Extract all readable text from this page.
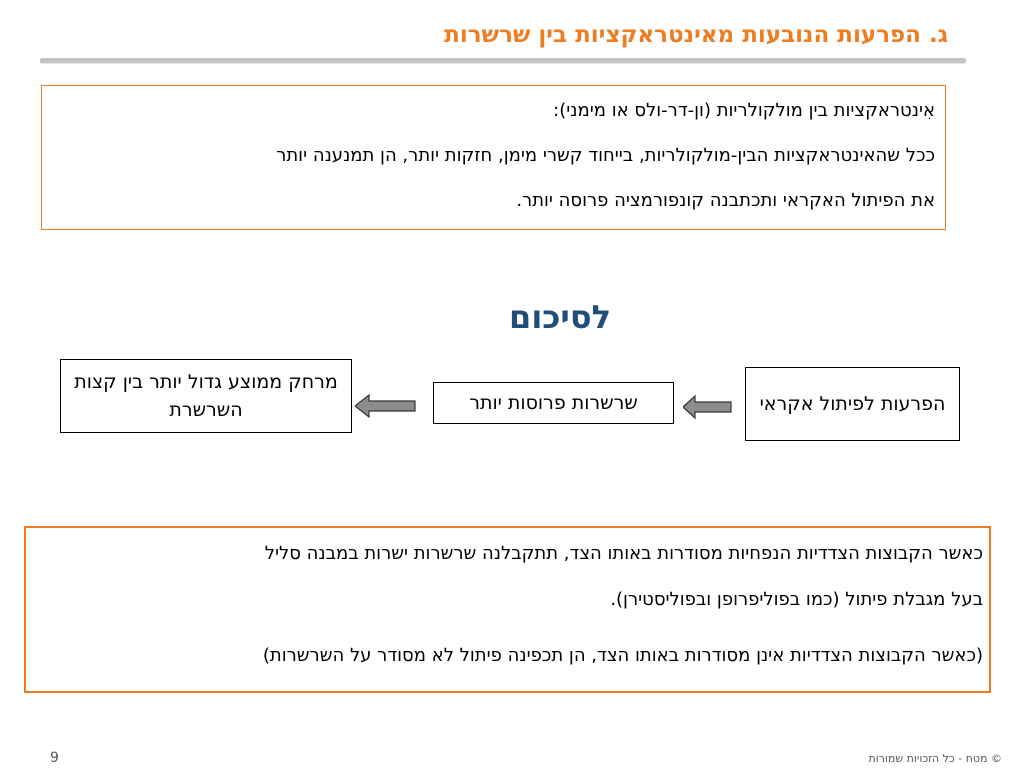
ג. הפרעות הנובעות מאינטראקציות בין שרשרות

אִינטראקציות בין מולקולריות (ון-דר-ולס או מימני):

ככל שהאינטראקציות הבין-מולקולריות, בייחוד קשרי מימן, חזקות יותר, הן תמנענה יותר

את הפיתול האקראי ותכתבנה קונפורמציה פרוסה יותר.

לסיכום
הפרעות לפיתול אקראי
שרשרות פרוסות יותר
מרחק ממוצע גדול יותר בין קצות השרשרת

כאשר הקבוצות הצדדיות הנפחיות מסודרות באותו הצד, תתקבלנה שרשרות ישרות במבנה סליל

בעל מגבלת פיתול (כמו בפוליפרופן ובפוליסטירן).

(כאשר הקבוצות הצדדיות אינן מסודרות באותו הצד, הן תכפינה פיתול לא מסודר על השרשרות)

9	© מטח - כל הזכויות שמורות
